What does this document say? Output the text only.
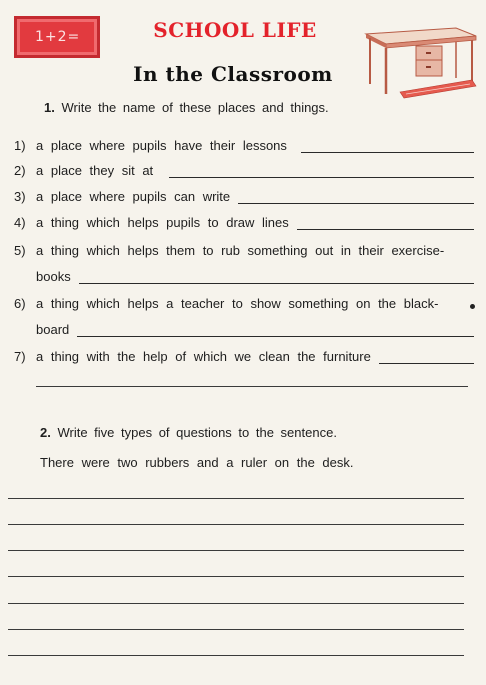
1+2=	SCHOOL LIFE
In the Classroom
1. Write the name of these places and things.
1) a place where pupils have their lessons
2) a place they sit at
3) a place where pupils can write
4) a thing which helps pupils to draw lines
5) a thing which helps them to rub something out in their exercise-
books
6) a thing which helps a teacher to show something on the black-
board
7) a thing with the help of which we clean the furniture
2. Write five types of questions to the sentence.
There were two rubbers and a ruler on the desk.
